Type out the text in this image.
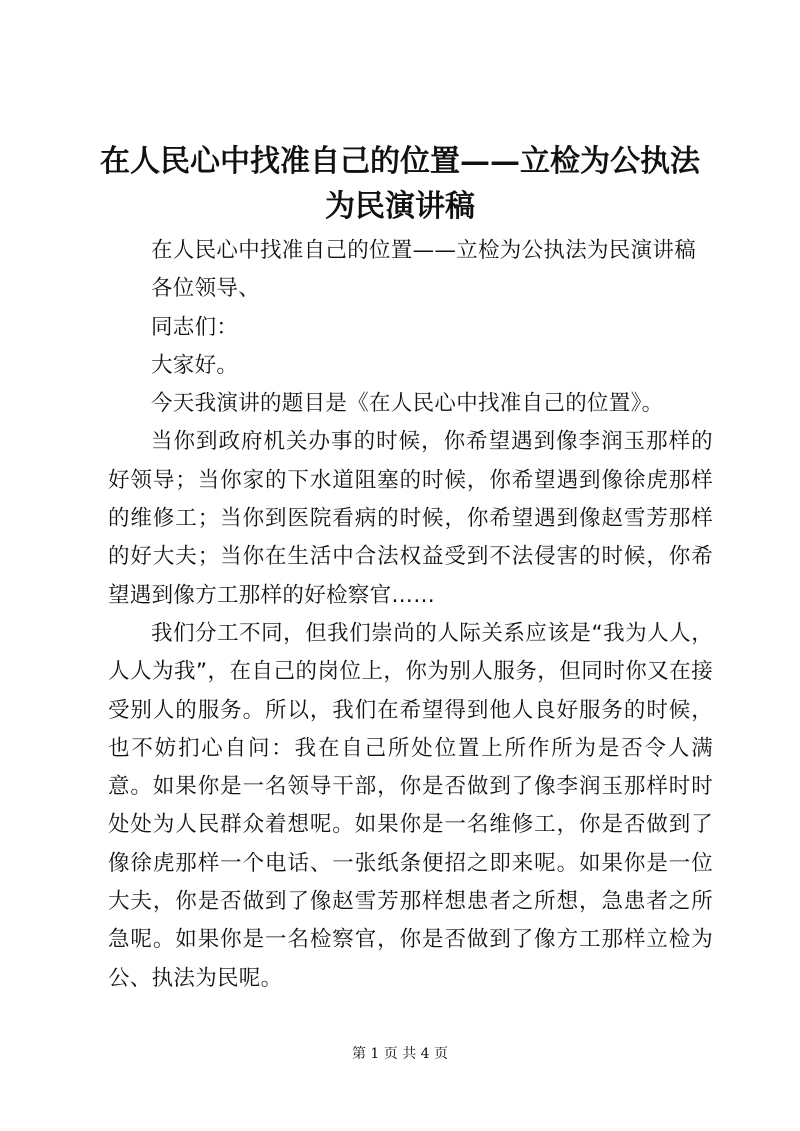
在人民心中找准自己的位置——立检为公执法
为民演讲稿

在人民心中找准自己的位置——立检为公执法为民演讲稿

各位领导、

同志们：

大家好。

今天我演讲的题目是《在人民心中找准自己的位置》。

当你到政府机关办事的时候，你希望遇到像李润玉那样的好领导；当你家的下水道阻塞的时候，你希望遇到像徐虎那样的维修工；当你到医院看病的时候，你希望遇到像赵雪芳那样的好大夫；当你在生活中合法权益受到不法侵害的时候，你希望遇到像方工那样的好检察官……

我们分工不同，但我们崇尚的人际关系应该是“我为人人，人人为我”，在自己的岗位上，你为别人服务，但同时你又在接受别人的服务。所以，我们在希望得到他人良好服务的时候，也不妨扪心自问：我在自己所处位置上所作所为是否令人满意。如果你是一名领导干部，你是否做到了像李润玉那样时时处处为人民群众着想呢。如果你是一名维修工，你是否做到了像徐虎那样一个电话、一张纸条便招之即来呢。如果你是一位大夫，你是否做到了像赵雪芳那样想患者之所想，急患者之所急呢。如果你是一名检察官，你是否做到了像方工那样立检为公、执法为民呢。

第 1 页 共 4 页
